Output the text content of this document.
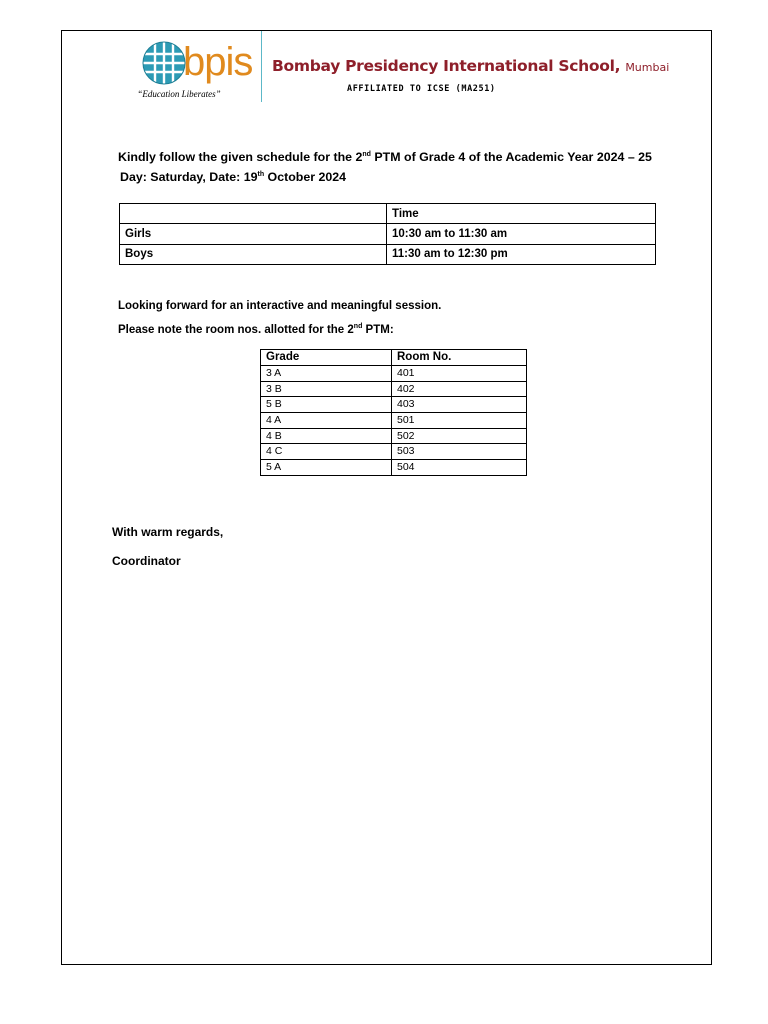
bpis
“Education Liberates”
Bombay Presidency International School, Mumbai
AFFILIATED TO ICSE (MA251)
Kindly follow the given schedule for the 2nd PTM of Grade 4 of the Academic Year 2024 – 25
Day: Saturday, Date: 19th October 2024
	Time
Girls	10:30 am to 11:30 am
Boys	11:30 am to 12:30 pm
Looking forward for an interactive and meaningful session.
Please note the room nos. allotted for the 2nd PTM:
Grade	Room No.
3 A	401
3 B	402
5 B	403
4 A	501
4 B	502
4 C	503
5 A	504
With warm regards,
Coordinator
